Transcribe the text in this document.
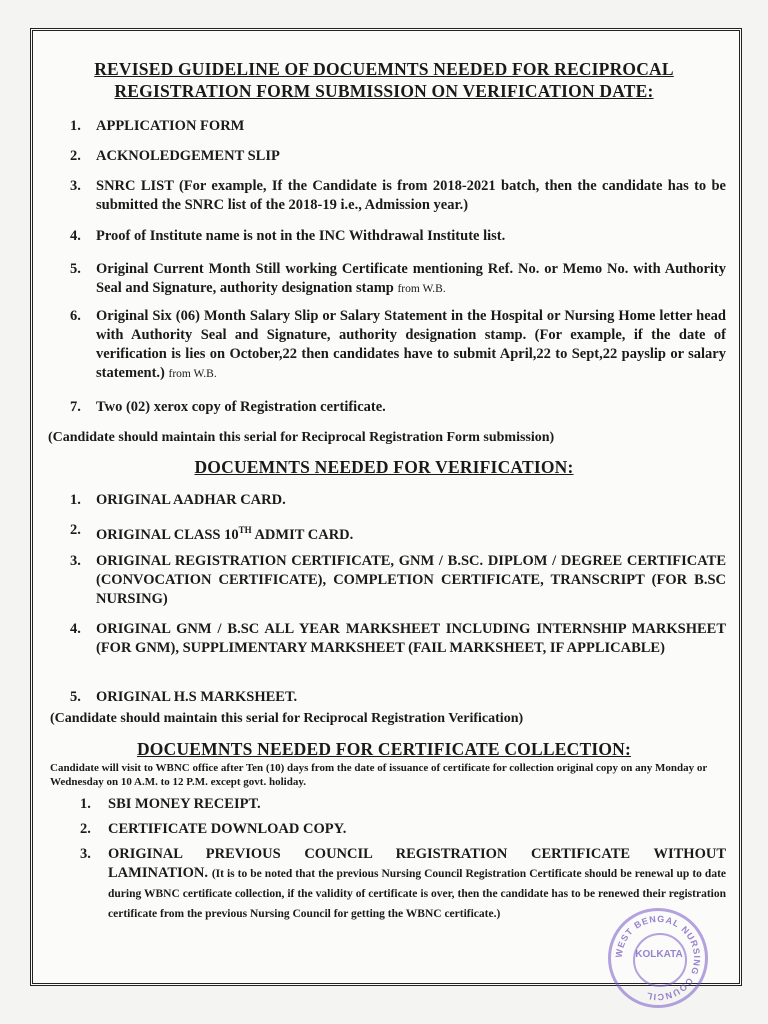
REVISED GUIDELINE OF DOCUEMNTS NEEDED FOR RECIPROCAL
REGISTRATION FORM SUBMISSION ON VERIFICATION DATE:
1.	APPLICATION FORM
2.	ACKNOLEDGEMENT SLIP
3.	SNRC LIST (For example, If the Candidate is from 2018-2021 batch, then the candidate has to be submitted the SNRC list of the 2018-19 i.e., Admission year.)
4.	Proof of Institute name is not in the INC Withdrawal Institute list.
5.	Original Current Month Still working Certificate mentioning Ref. No. or Memo No. with Authority Seal and Signature, authority designation stamp from W.B.
6.	Original Six (06) Month Salary Slip or Salary Statement in the Hospital or Nursing Home letter head with Authority Seal and Signature, authority designation stamp. (For example, if the date of verification is lies on October,22 then candidates have to submit April,22 to Sept,22 payslip or salary statement.) from W.B.
7.	Two (02) xerox copy of Registration certificate.
(Candidate should maintain this serial for Reciprocal Registration Form submission)
DOCUEMNTS NEEDED FOR VERIFICATION:
1.	ORIGINAL AADHAR CARD.
2.	ORIGINAL CLASS 10TH ADMIT CARD.
3.	ORIGINAL REGISTRATION CERTIFICATE, GNM / B.SC. DIPLOM / DEGREE CERTIFICATE (CONVOCATION CERTIFICATE), COMPLETION CERTIFICATE, TRANSCRIPT (FOR B.SC NURSING)
4.	ORIGINAL GNM / B.SC ALL YEAR MARKSHEET INCLUDING INTERNSHIP MARKSHEET (FOR GNM), SUPPLIMENTARY MARKSHEET (FAIL MARKSHEET, IF APPLICABLE)
5.	ORIGINAL H.S MARKSHEET.
(Candidate should maintain this serial for Reciprocal Registration Verification)
DOCUEMNTS NEEDED FOR CERTIFICATE COLLECTION:
Candidate will visit to WBNC office after Ten (10) days from the date of issuance of certificate for collection original copy on any Monday or Wednesday on 10 A.M. to 12 P.M. except govt. holiday.
1.	SBI MONEY RECEIPT.
2.	CERTIFICATE DOWNLOAD COPY.
3.	ORIGINAL PREVIOUS COUNCIL REGISTRATION CERTIFICATE WITHOUT LAMINATION. (It is to be noted that the previous Nursing Council Registration Certificate should be renewal up to date during WBNC certificate collection, if the validity of certificate is over, then the candidate has to be renewed their registration certificate from the previous Nursing Council for getting the WBNC certificate.)
WEST BENGAL NURSING COUNCIL
KOLKATA
